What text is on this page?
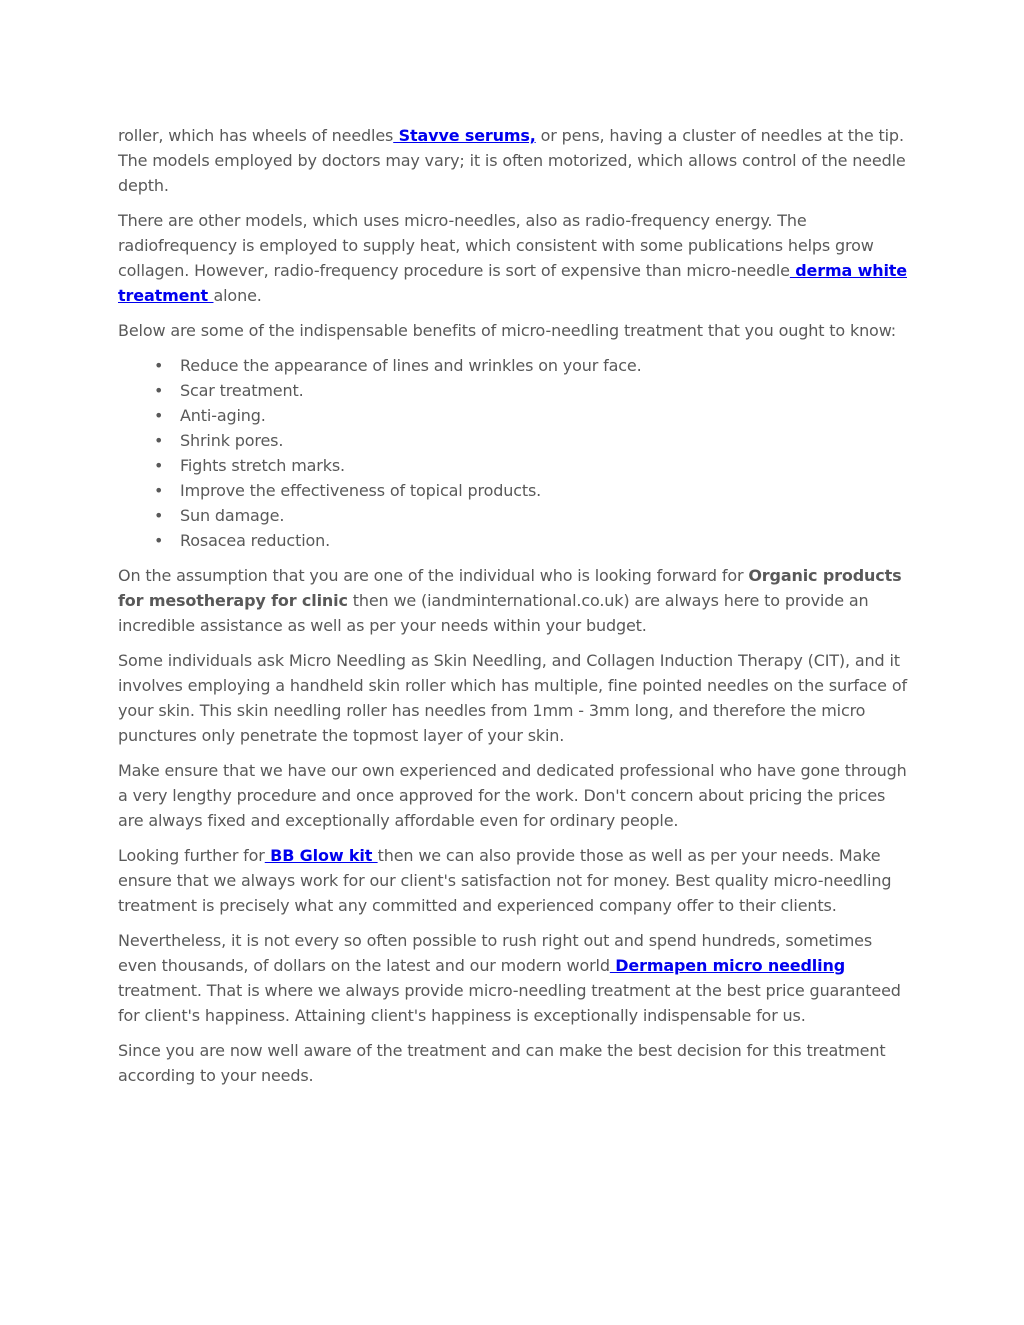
roller, which has wheels of needles Stavve serums, or pens, having a cluster of needles at the tip. The models employed by doctors may vary; it is often motorized, which allows control of the needle depth.

There are other models, which uses micro-needles, also as radio-frequency energy. The radiofrequency is employed to supply heat, which consistent with some publications helps grow collagen. However, radio-frequency procedure is sort of expensive than micro-needle derma white treatment alone.

Below are some of the indispensable benefits of micro-needling treatment that you ought to know:

• Reduce the appearance of lines and wrinkles on your face.
• Scar treatment.
• Anti-aging.
• Shrink pores.
• Fights stretch marks.
• Improve the effectiveness of topical products.
• Sun damage.
• Rosacea reduction.

On the assumption that you are one of the individual who is looking forward for Organic products for mesotherapy for clinic then we (iandminternational.co.uk) are always here to provide an incredible assistance as well as per your needs within your budget.

Some individuals ask Micro Needling as Skin Needling, and Collagen Induction Therapy (CIT), and it involves employing a handheld skin roller which has multiple, fine pointed needles on the surface of your skin. This skin needling roller has needles from 1mm - 3mm long, and therefore the micro punctures only penetrate the topmost layer of your skin.

Make ensure that we have our own experienced and dedicated professional who have gone through a very lengthy procedure and once approved for the work. Don't concern about pricing the prices are always fixed and exceptionally affordable even for ordinary people.

Looking further for BB Glow kit then we can also provide those as well as per your needs. Make ensure that we always work for our client's satisfaction not for money. Best quality micro-needling treatment is precisely what any committed and experienced company offer to their clients.

Nevertheless, it is not every so often possible to rush right out and spend hundreds, sometimes even thousands, of dollars on the latest and our modern world Dermapen micro needling treatment. That is where we always provide micro-needling treatment at the best price guaranteed for client's happiness. Attaining client's happiness is exceptionally indispensable for us.

Since you are now well aware of the treatment and can make the best decision for this treatment according to your needs.
